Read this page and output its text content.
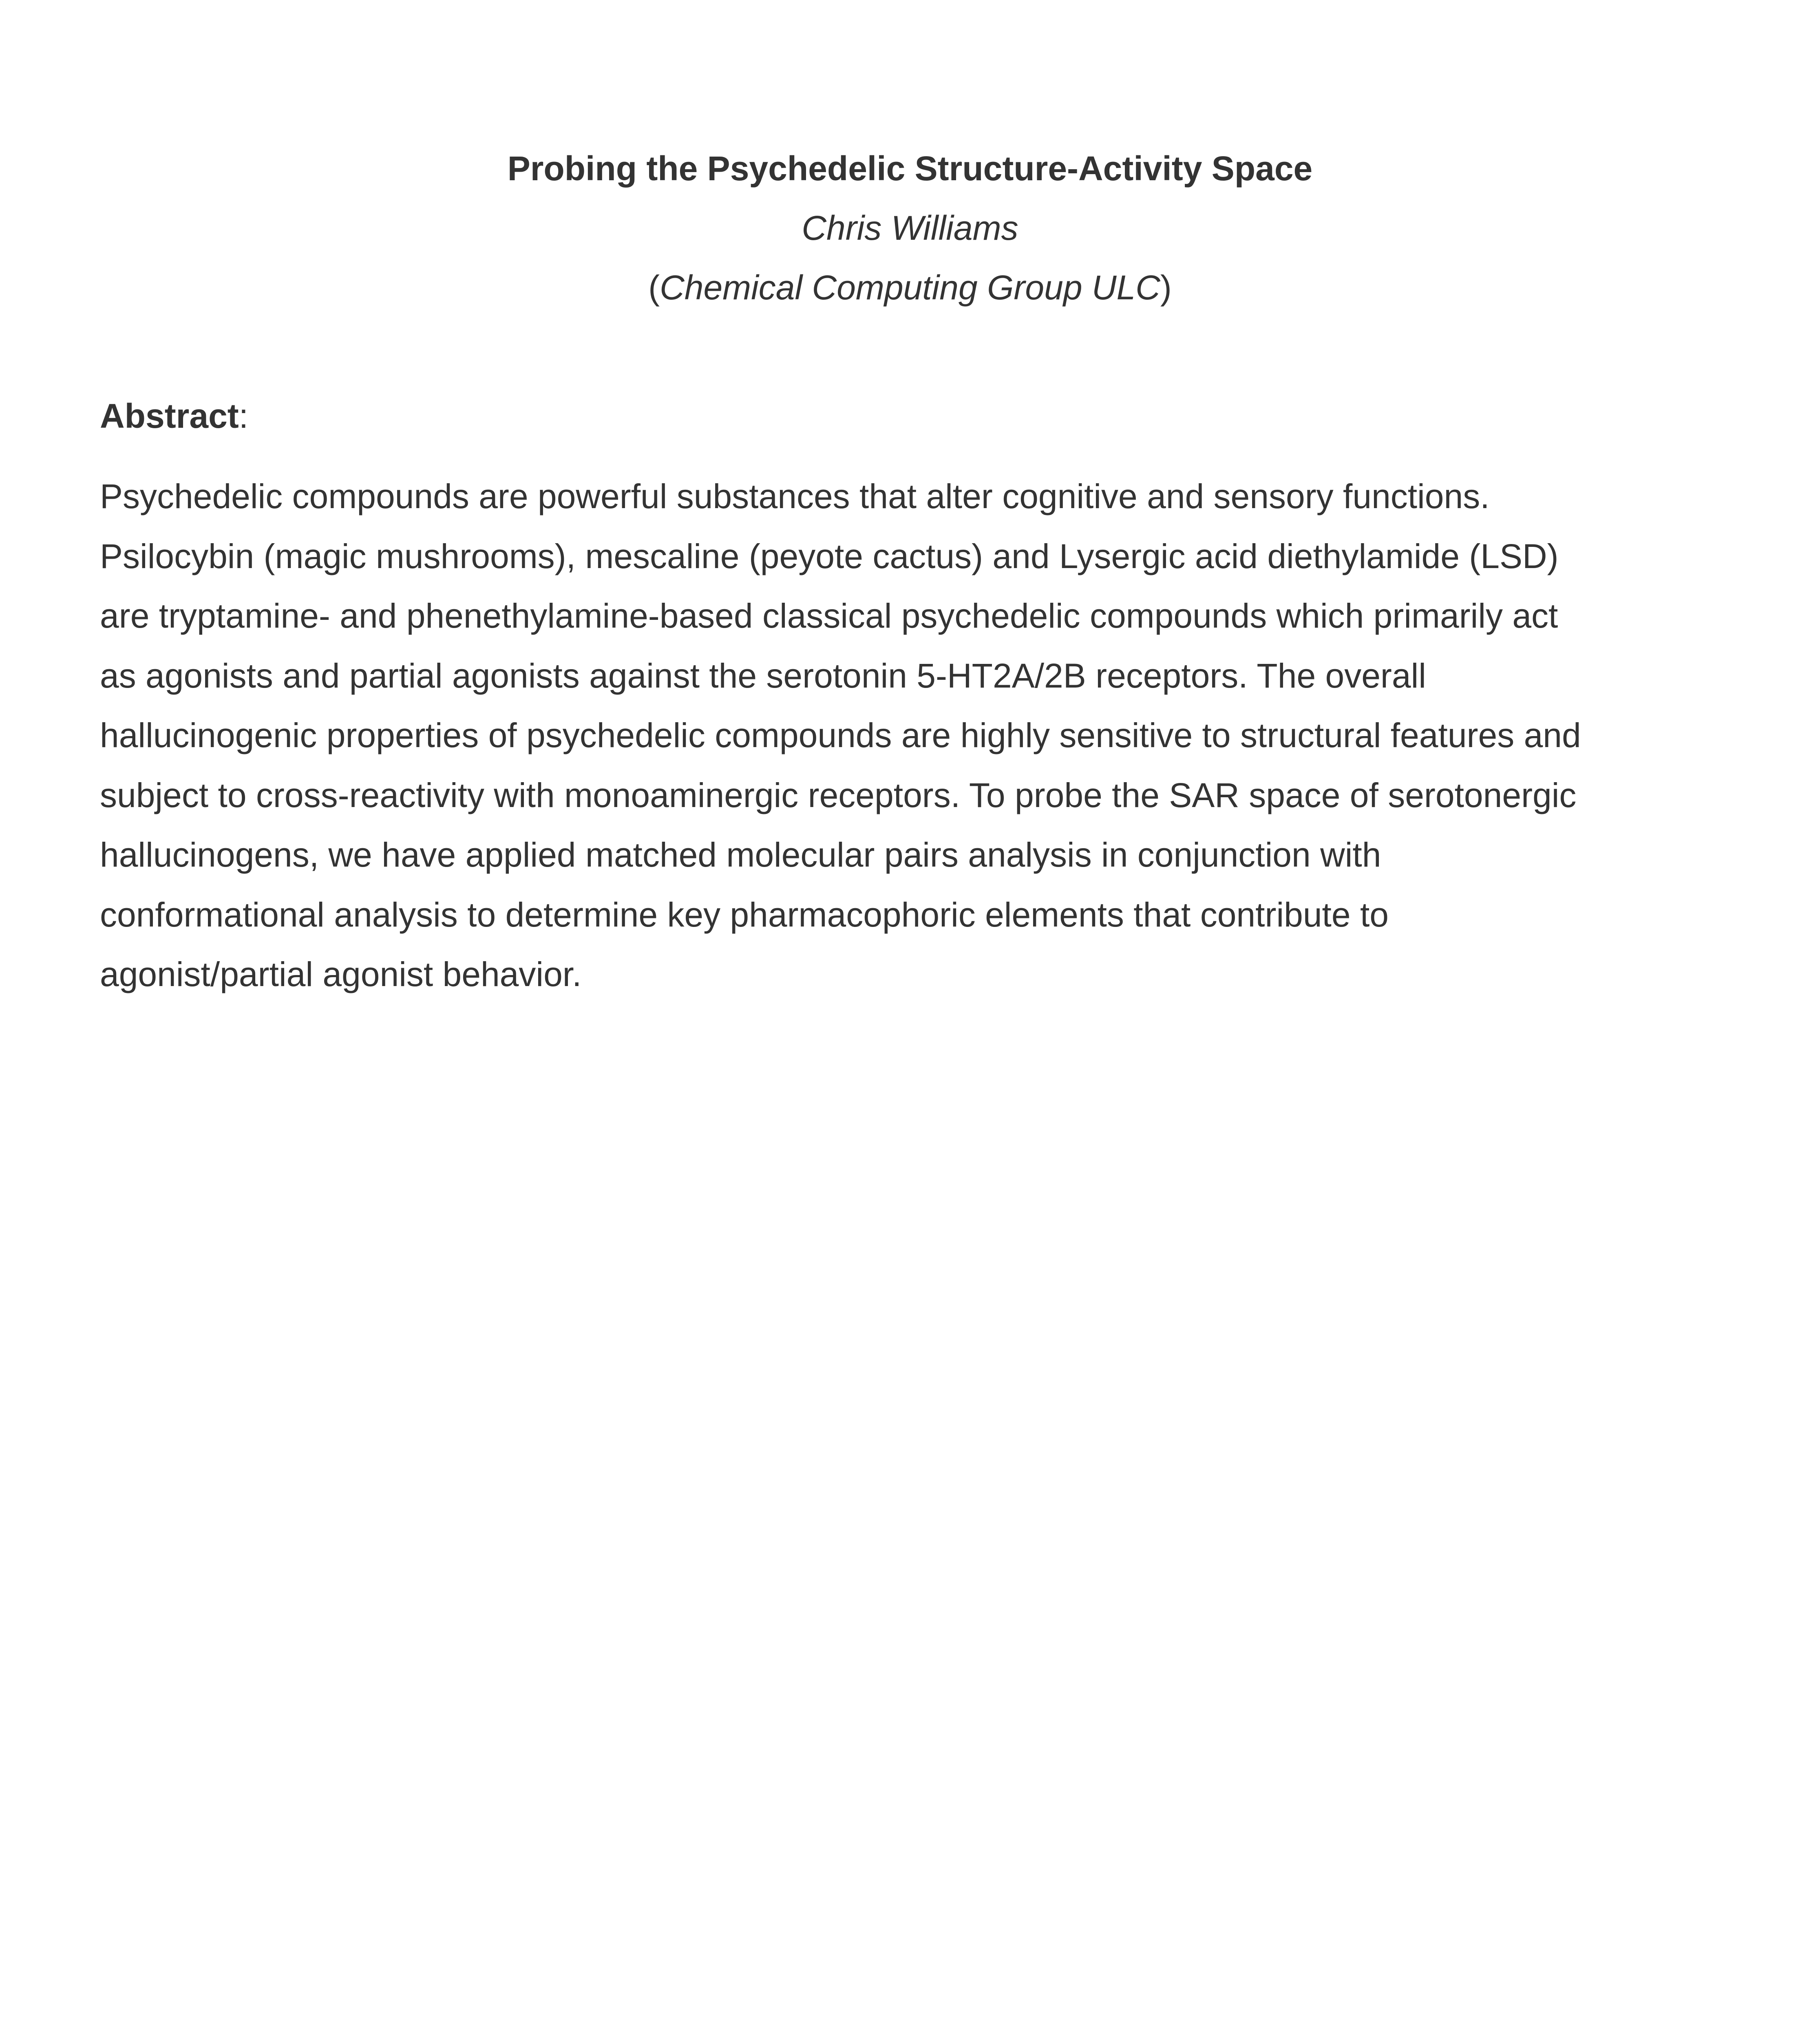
Probing the Psychedelic Structure-Activity Space

Chris Williams

(Chemical Computing Group ULC)

Abstract:

Psychedelic compounds are powerful substances that alter cognitive and sensory functions.
Psilocybin (magic mushrooms), mescaline (peyote cactus) and Lysergic acid diethylamide (LSD)
are tryptamine- and phenethylamine-based classical psychedelic compounds which primarily act
as agonists and partial agonists against the serotonin 5-HT2A/2B receptors. The overall
hallucinogenic properties of psychedelic compounds are highly sensitive to structural features and
subject to cross-reactivity with monoaminergic receptors. To probe the SAR space of serotonergic
hallucinogens, we have applied matched molecular pairs analysis in conjunction with
conformational analysis to determine key pharmacophoric elements that contribute to
agonist/partial agonist behavior.
